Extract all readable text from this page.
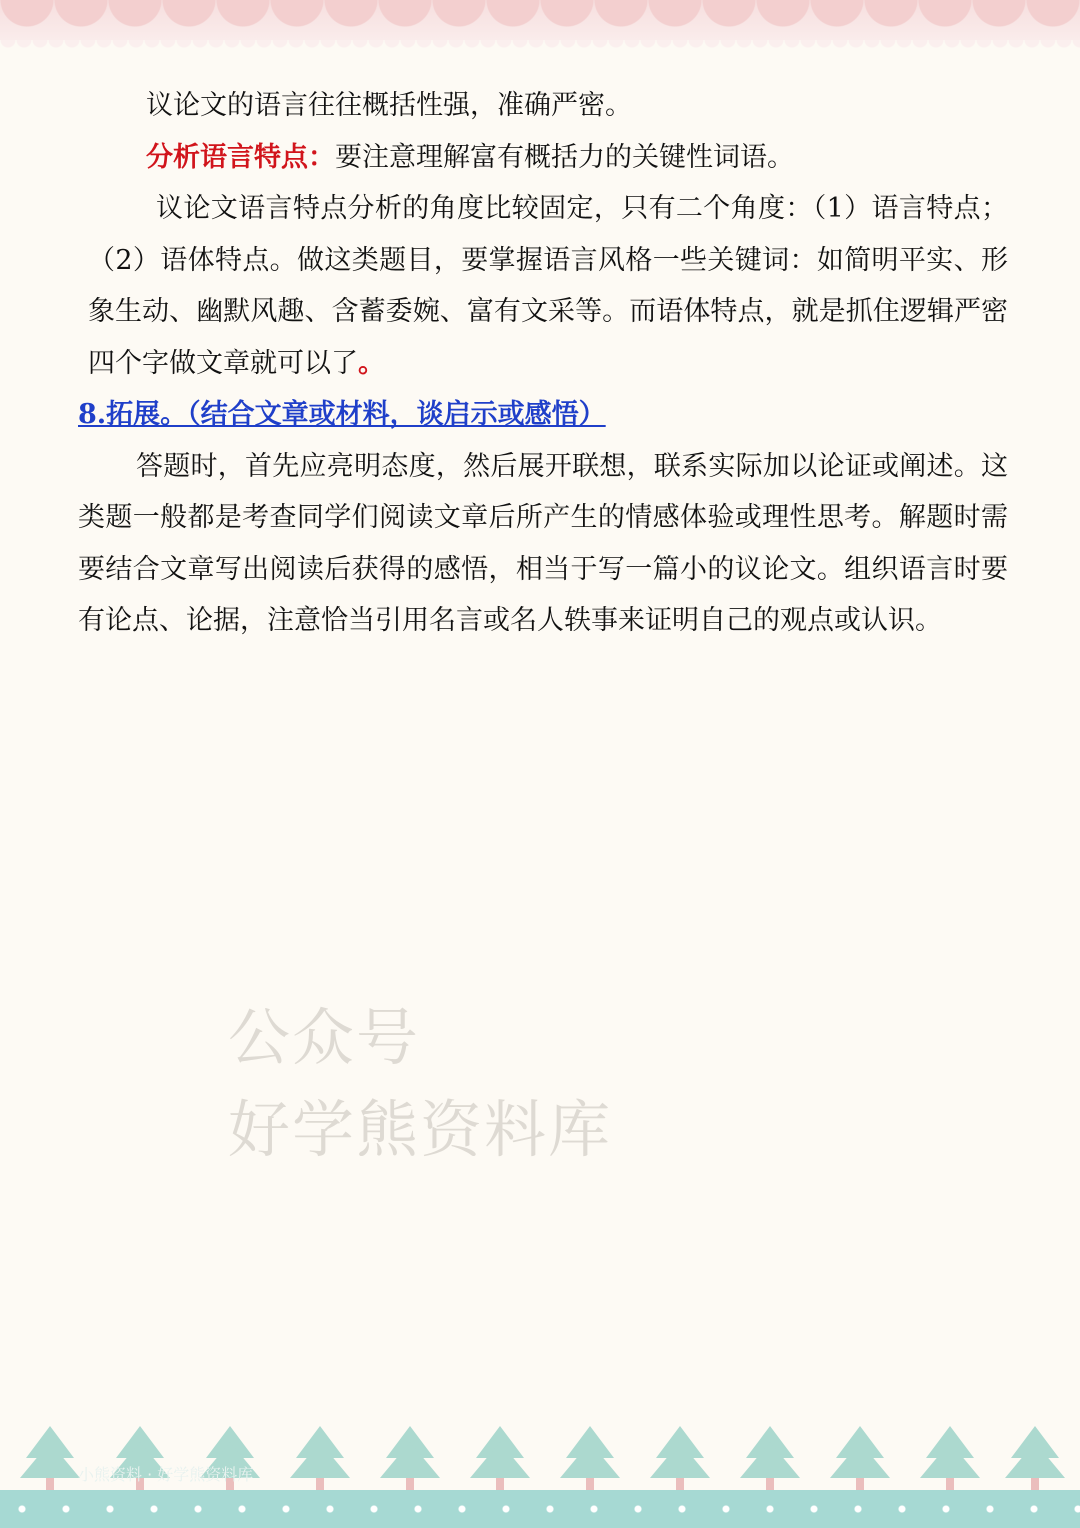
议论文的语言往往概括性强，准确严密。

分析语言特点：要注意理解富有概括力的关键性词语。

议论文语言特点分析的角度比较固定，只有二个角度：（1）语言特点；（2）语体特点。做这类题目，要掌握语言风格一些关键词：如简明平实、形象生动、幽默风趣、含蓄委婉、富有文采等。而语体特点，就是抓住逻辑严密四个字做文章就可以了。

8.拓展。（结合文章或材料，谈启示或感悟）

答题时，首先应亮明态度，然后展开联想，联系实际加以论证或阐述。这类题一般都是考查同学们阅读文章后所产生的情感体验或理性思考。解题时需要结合文章写出阅读后获得的感悟，相当于写一篇小的议论文。组织语言时要有论点、论据，注意恰当引用名言或名人轶事来证明自己的观点或认识。

公众号
好学熊资料库
小熊资料 · 好学熊资料库
